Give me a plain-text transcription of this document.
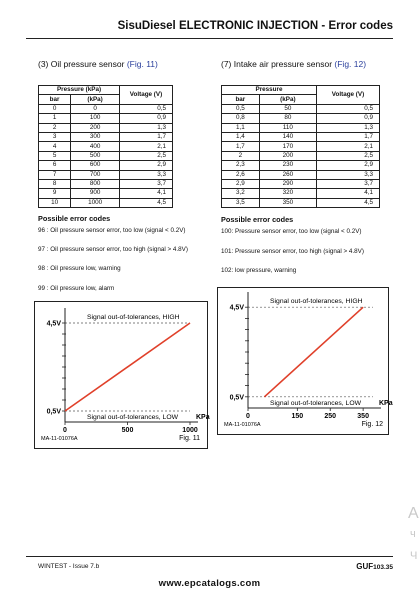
SisuDiesel ELECTRONIC INJECTION - Error codes
(3) Oil pressure sensor (Fig. 11)
Pressure (kPa)		Voltage (V)
bar	(kPa)	
0	0	0,5
1	100	0,9
2	200	1,3
3	300	1,7
4	400	2,1
5	500	2,5
6	600	2,9
7	700	3,3
8	800	3,7
9	900	4,1
10	1000	4,5
Possible error codes
96 : Oil pressure sensor error, too low (signal < 0.2V)
97 : Oil pressure sensor error, too high (signal > 4.8V)
98 : Oil pressure low, warning
99 : Oil pressure low, alarm
4,5V
0,5V
Signal out-of-tolerances, HIGH
Signal out-of-tolerances, LOW
0	500	1000
KPa
MA-11-01076A	Fig. 11
(7) Intake air pressure sensor (Fig. 12)
Pressure		Voltage (V)
bar	(kPa)	
0,5	50	0,5
0,8	80	0,9
1,1	110	1,3
1,4	140	1,7
1,7	170	2,1
2	200	2,5
2,3	230	2,9
2,6	260	3,3
2,9	290	3,7
3,2	320	4,1
3,5	350	4,5
Possible error codes
100: Pressure sensor error, too low (signal < 0.2V)
101: Pressure sensor error, too high (signal > 4.8V)
102: low pressure, warning
4,5V
0,5V
Signal out-of-tolerances, HIGH
Signal out-of-tolerances, LOW
0	150	250	350
KPa
MA-11-01076A	Fig. 12
WINTEST - Issue 7.b	GUF103.35
www.epcatalogs.com
A
ч
Ч
